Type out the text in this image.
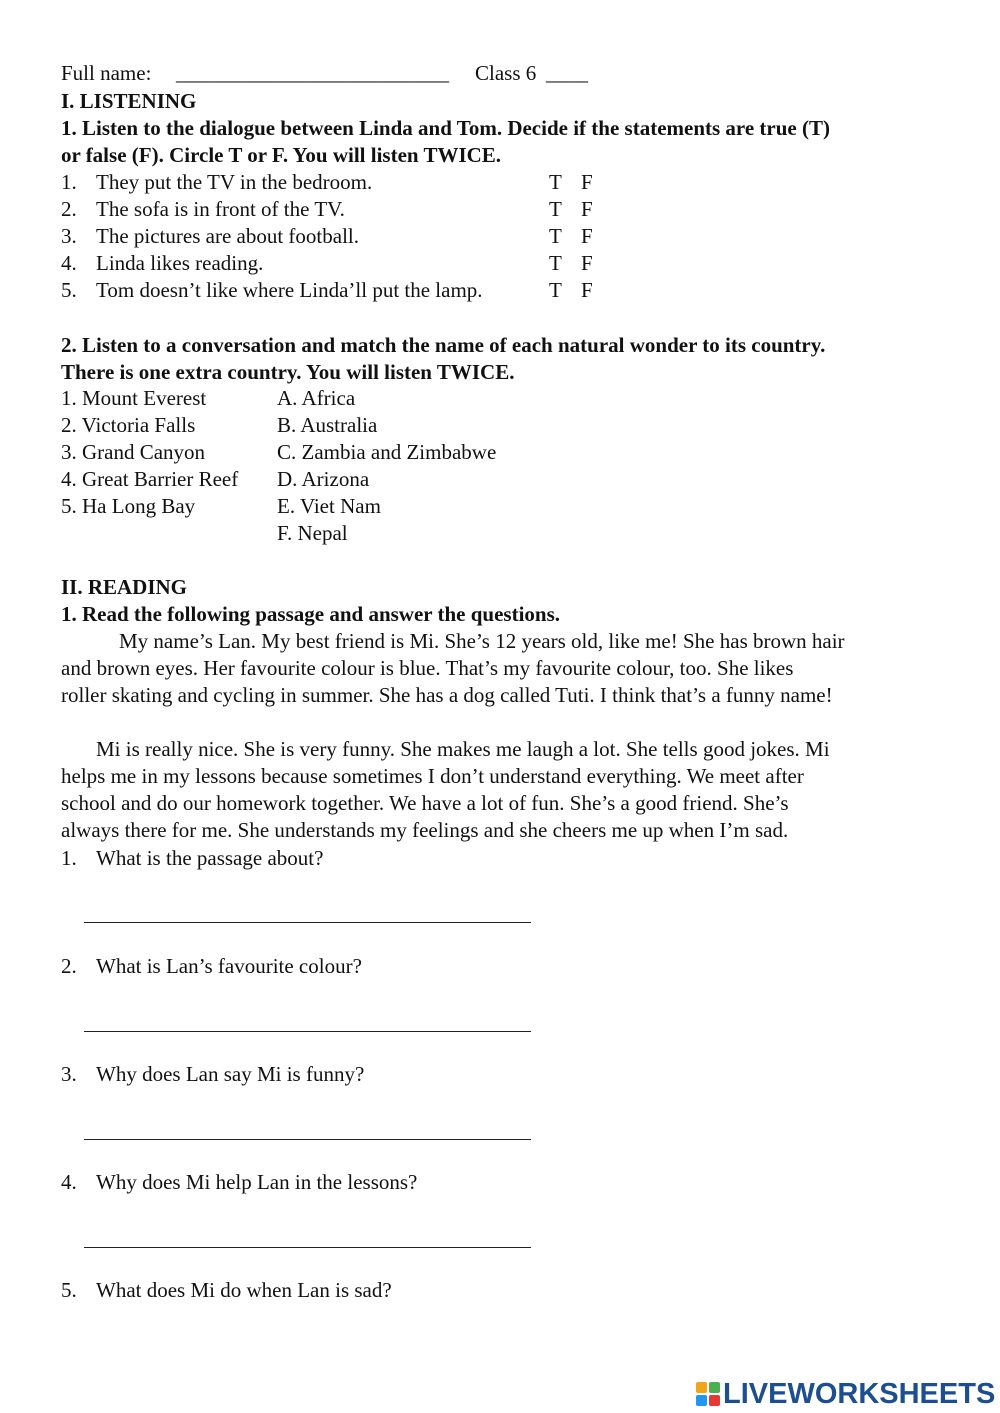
Full name: __________________________ Class 6 ____
I. LISTENING
1. Listen to the dialogue between Linda and Tom. Decide if the statements are true (T)
or false (F). Circle T or F. You will listen TWICE.
1. They put the TV in the bedroom.	T F
2. The sofa is in front of the TV.	T F
3. The pictures are about football.	T F
4. Linda likes reading.	T F
5. Tom doesn’t like where Linda’ll put the lamp.	T F
2. Listen to a conversation and match the name of each natural wonder to its country.
There is one extra country. You will listen TWICE.
1. Mount Everest	A. Africa
2. Victoria Falls	B. Australia
3. Grand Canyon	C. Zambia and Zimbabwe
4. Great Barrier Reef D. Arizona
5. Ha Long Bay	E. Viet Nam
F. Nepal
II. READING
1. Read the following passage and answer the questions.
My name’s Lan. My best friend is Mi. She’s 12 years old, like me! She has brown hair
and brown eyes. Her favourite colour is blue. That’s my favourite colour, too. She likes
roller skating and cycling in summer. She has a dog called Tuti. I think that’s a funny name!
Mi is really nice. She is very funny. She makes me laugh a lot. She tells good jokes. Mi
helps me in my lessons because sometimes I don’t understand everything. We meet after
school and do our homework together. We have a lot of fun. She’s a good friend. She’s
always there for me. She understands my feelings and she cheers me up when I’m sad.
1. What is the passage about?
2. What is Lan’s favourite colour?
3. Why does Lan say Mi is funny?
4. Why does Mi help Lan in the lessons?
5. What does Mi do when Lan is sad?
LIVEWORKSHEETS
